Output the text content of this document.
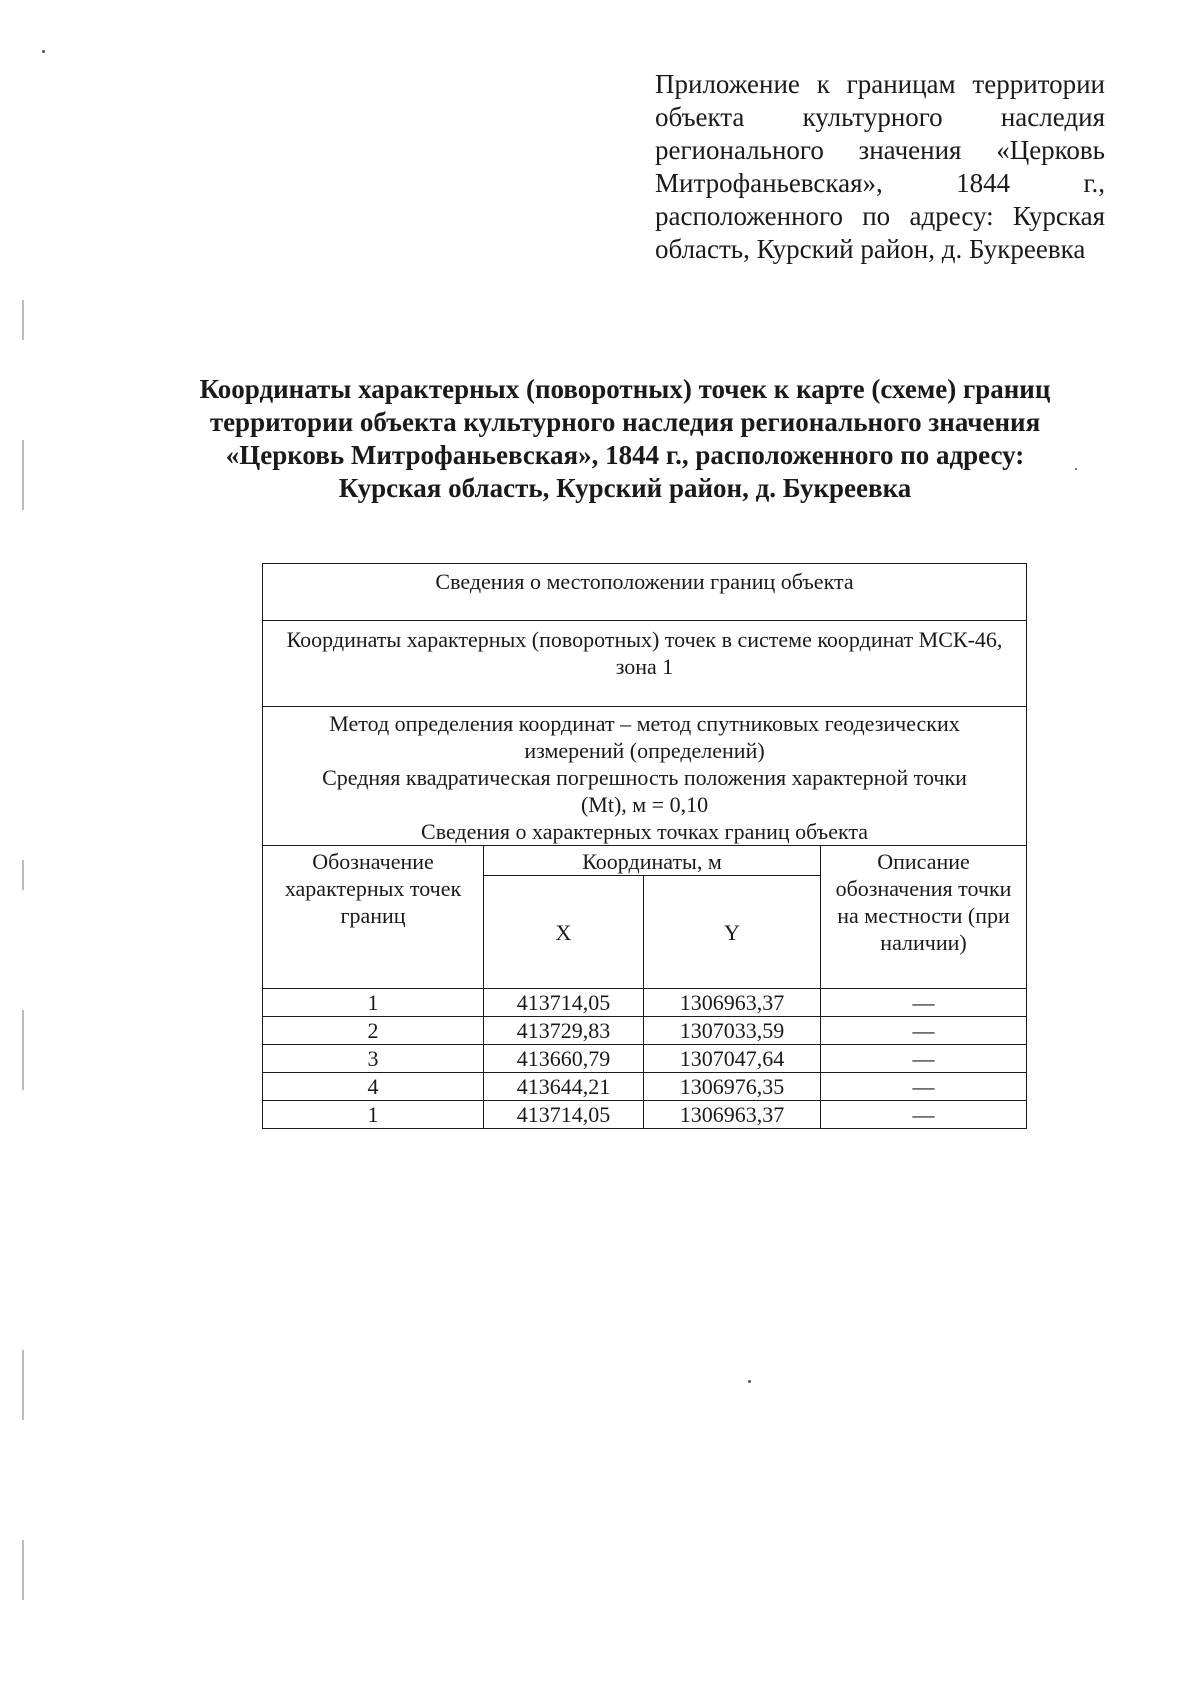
Приложение к границам территории объекта культурного наследия регионального значения «Церковь Митрофаньевская», 1844 г., расположенного по адресу: Курская область, Курский район, д. Букреевка
Координаты характерных (поворотных) точек к карте (схеме) границ
территории объекта культурного наследия регионального значения
«Церковь Митрофаньевская», 1844 г., расположенного по адресу:
Курская область, Курский район, д. Букреевка
Сведения о местоположении границ объекта			
Координаты характерных (поворотных) точек в системе координат МСК-46, зона 1			

Метод определения координат – метод спутниковых геодезических
измерений (определений)
Средняя квадратическая погрешность положения характерной точки
(Mt), м = 0,10
Сведения о характерных точках границ объекта			

Обозначение характерных точек границ	Координаты, м		Описание обозначения точки на местности (при наличии)
	X	Y	
1	413714,05	1306963,37	—
2	413729,83	1307033,59	—
3	413660,79	1307047,64	—
4	413644,21	1306976,35	—
1	413714,05	1306963,37	—
